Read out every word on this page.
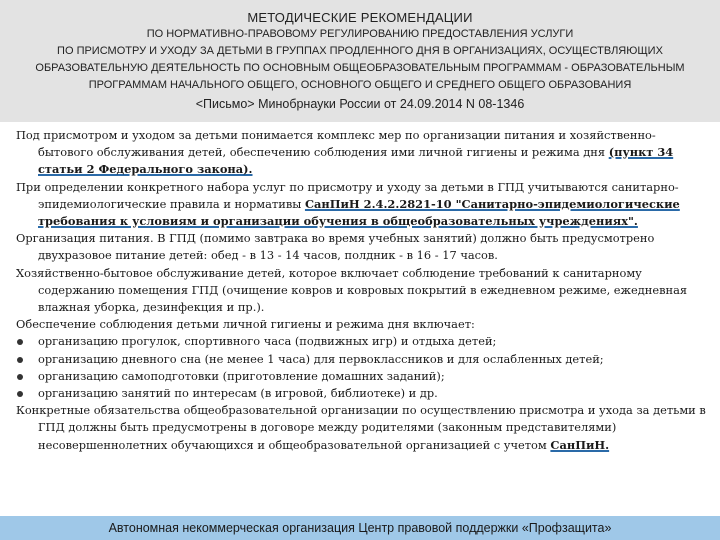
МЕТОДИЧЕСКИЕ РЕКОМЕНДАЦИИ
ПО НОРМАТИВНО-ПРАВОВОМУ РЕГУЛИРОВАНИЮ ПРЕДОСТАВЛЕНИЯ УСЛУГИ
ПО ПРИСМОТРУ И УХОДУ ЗА ДЕТЬМИ В ГРУППАХ ПРОДЛЕННОГО ДНЯ В ОРГАНИЗАЦИЯХ, ОСУЩЕСТВЛЯЮЩИХ
ОБРАЗОВАТЕЛЬНУЮ ДЕЯТЕЛЬНОСТЬ ПО ОСНОВНЫМ ОБЩЕОБРАЗОВАТЕЛЬНЫМ ПРОГРАММАМ - ОБРАЗОВАТЕЛЬНЫМ
ПРОГРАММАМ НАЧАЛЬНОГО ОБЩЕГО, ОСНОВНОГО ОБЩЕГО И СРЕДНЕГО ОБЩЕГО ОБРАЗОВАНИЯ
<Письмо> Минобрнауки России от 24.09.2014 N 08-1346

Под присмотром и уходом за детьми понимается комплекс мер по организации питания и хозяйственно-бытового обслуживания детей, обеспечению соблюдения ими личной гигиены и режима дня (пункт 34 статьи 2 Федерального закона).

При определении конкретного набора услуг по присмотру и уходу за детьми в ГПД учитываются санитарно-эпидемиологические правила и нормативы СанПиН 2.4.2.2821-10 "Санитарно-эпидемиологические требования к условиям и организации обучения в общеобразовательных учреждениях".

Организация питания. В ГПД (помимо завтрака во время учебных занятий) должно быть предусмотрено двухразовое питание детей: обед - в 13 - 14 часов, полдник - в 16 - 17 часов.

Хозяйственно-бытовое обслуживание детей, которое включает соблюдение требований к санитарному содержанию помещения ГПД (очищение ковров и ковровых покрытий в ежедневном режиме, ежедневная влажная уборка, дезинфекция и пр.).

Обеспечение соблюдения детьми личной гигиены и режима дня включает:

организацию прогулок, спортивного часа (подвижных игр) и отдыха детей;
организацию дневного сна (не менее 1 часа) для первоклассников и для ослабленных детей;
организацию самоподготовки (приготовление домашних заданий);
организацию занятий по интересам (в игровой, библиотеке) и др.

Конкретные обязательства общеобразовательной организации по осуществлению присмотра и ухода за детьми в ГПД должны быть предусмотрены в договоре между родителями (законным представителями) несовершеннолетних обучающихся и общеобразовательной организацией с учетом СанПиН.

Автономная некоммерческая организация Центр правовой поддержки «Профзащита»
